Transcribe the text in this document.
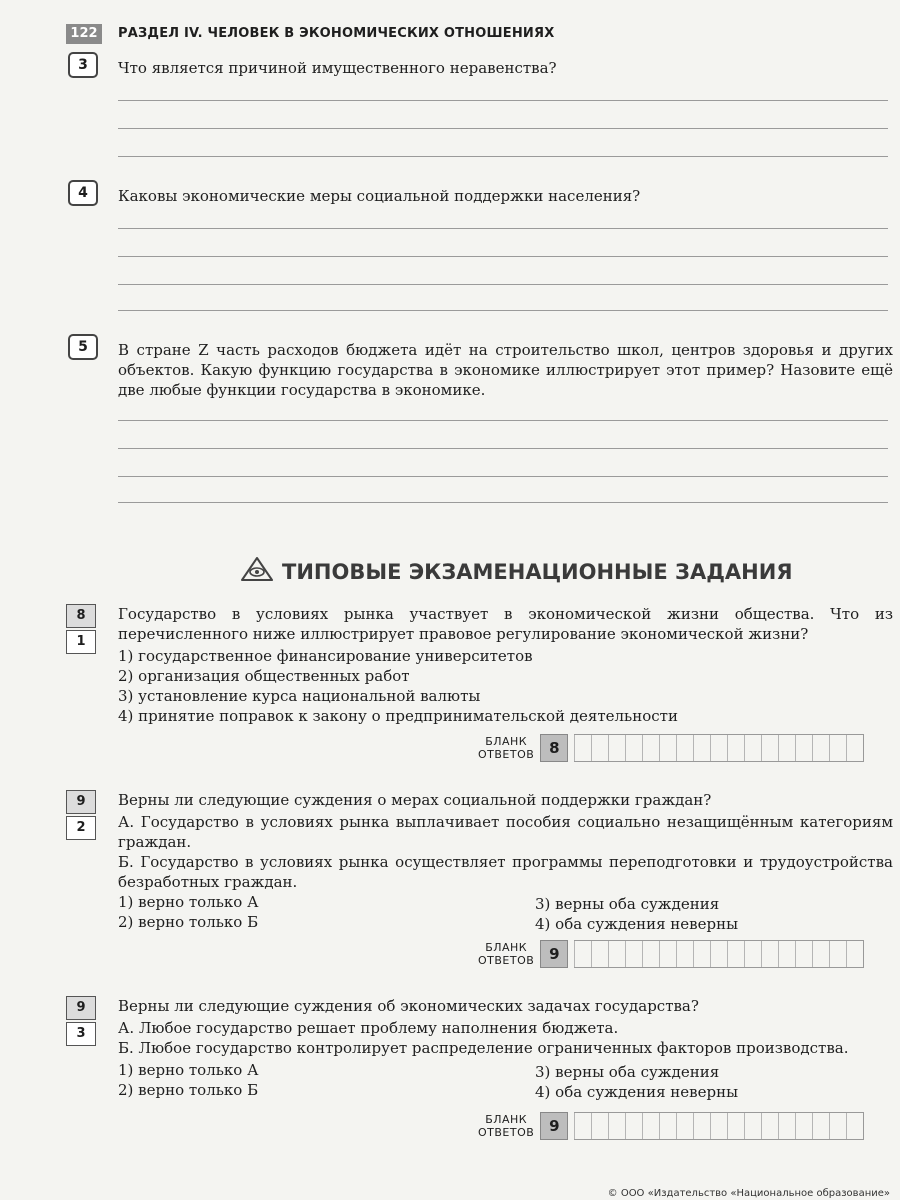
122	РАЗДЕЛ IV. ЧЕЛОВЕК В ЭКОНОМИЧЕСКИХ ОТНОШЕНИЯХ
3	Что является причиной имущественного неравенства?
4	Каковы экономические меры социальной поддержки населения?
5	В стране Z часть расходов бюджета идёт на строительство школ, центров здоровья и других объектов. Какую функцию государства в экономике иллюстрирует этот пример? Назовите ещё две любые функции государства в экономике.
ТИПОВЫЕ ЭКЗАМЕНАЦИОННЫЕ ЗАДАНИЯ
8
1
Государство в условиях рынка участвует в экономической жизни общества. Что из перечисленного ниже иллюстрирует правовое регулирование экономической жизни?
1) государственное финансирование университетов
2) организация общественных работ
3) установление курса национальной валюты
4) принятие поправок к закону о предпринимательской деятельности
БЛАНК
ОТВЕТОВ 8
9
2
Верны ли следующие суждения о мерах социальной поддержки граждан?
А. Государство в условиях рынка выплачивает пособия социально незащищённым категориям граждан.
Б. Государство в условиях рынка осуществляет программы переподготовки и трудоустройства безработных граждан.
1) верно только А
2) верно только Б
3) верны оба суждения
4) оба суждения неверны
БЛАНК
ОТВЕТОВ 9
9
3
Верны ли следующие суждения об экономических задачах государства?
А. Любое государство решает проблему наполнения бюджета.
Б. Любое государство контролирует распределение ограниченных факторов производства.
1) верно только А
2) верно только Б
3) верны оба суждения
4) оба суждения неверны
БЛАНК
ОТВЕТОВ 9
© ООО «Издательство «Национальное образование»
